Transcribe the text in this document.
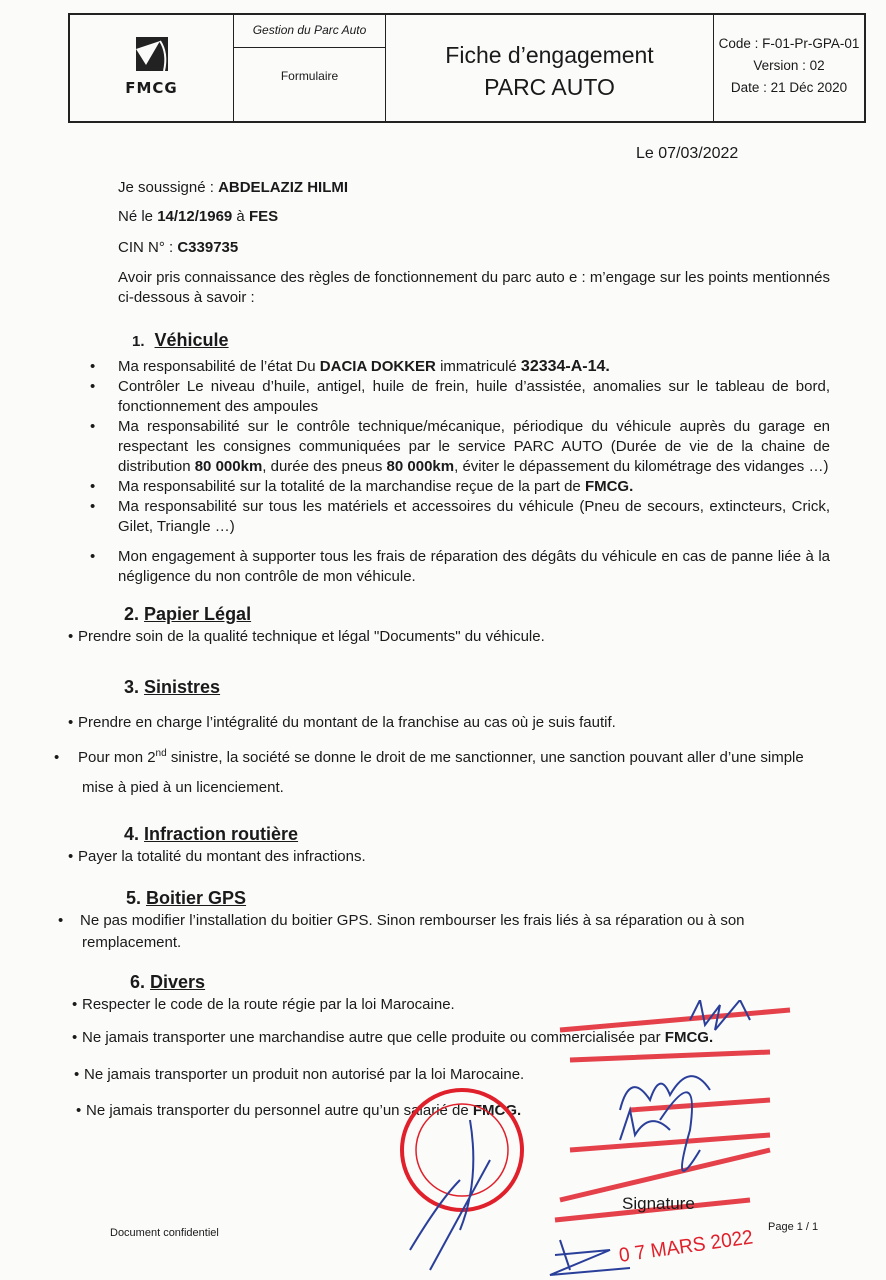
FMCG
Gestion du Parc Auto
Formulaire
Fiche d’engagement
PARC AUTO
Code : F-01-Pr-GPA-01
Version : 02
Date : 21 Déc 2020
Le 07/03/2022
Je soussigné : ABDELAZIZ HILMI
Né le 14/12/1969 à FES
CIN N° : C339735
Avoir pris connaissance des règles de fonctionnement du parc auto e : m’engage sur les points mentionnés ci-dessous à savoir :
1. Véhicule
• Ma responsabilité de l’état Du DACIA DOKKER immatriculé 32334-A-14.
• Contrôler Le niveau d’huile, antigel, huile de frein, huile d’assistée, anomalies sur le tableau de bord, fonctionnement des ampoules
• Ma responsabilité sur le contrôle technique/mécanique, périodique du véhicule auprès du garage en respectant les consignes communiquées par le service PARC AUTO (Durée de vie de la chaine de distribution 80 000km, durée des pneus 80 000km, éviter le dépassement du kilométrage des vidanges …)
• Ma responsabilité sur la totalité de la marchandise reçue de la part de FMCG.
• Ma responsabilité sur tous les matériels et accessoires du véhicule (Pneu de secours, extincteurs, Crick, Gilet, Triangle …)
• Mon engagement à supporter tous les frais de réparation des dégâts du véhicule en cas de panne liée à la négligence du non contrôle de mon véhicule.
2. Papier Légal
• Prendre soin de la qualité technique et légal "Documents" du véhicule.
3. Sinistres
• Prendre en charge l’intégralité du montant de la franchise au cas où je suis fautif.
• Pour mon 2nd sinistre, la société se donne le droit de me sanctionner, une sanction pouvant aller d’une simple mise à pied à un licenciement.
4. Infraction routière
• Payer la totalité du montant des infractions.
5. Boitier GPS
• Ne pas modifier l’installation du boitier GPS. Sinon rembourser les frais liés à sa réparation ou à son remplacement.
6. Divers
• Respecter le code de la route régie par la loi Marocaine.
• Ne jamais transporter une marchandise autre que celle produite ou commercialisée par FMCG.
• Ne jamais transporter un produit non autorisé par la loi Marocaine.
• Ne jamais transporter du personnel autre qu’un salarié de FMCG.
0 7 MARS 2022
Signature
Document confidentiel	Page 1 / 1
